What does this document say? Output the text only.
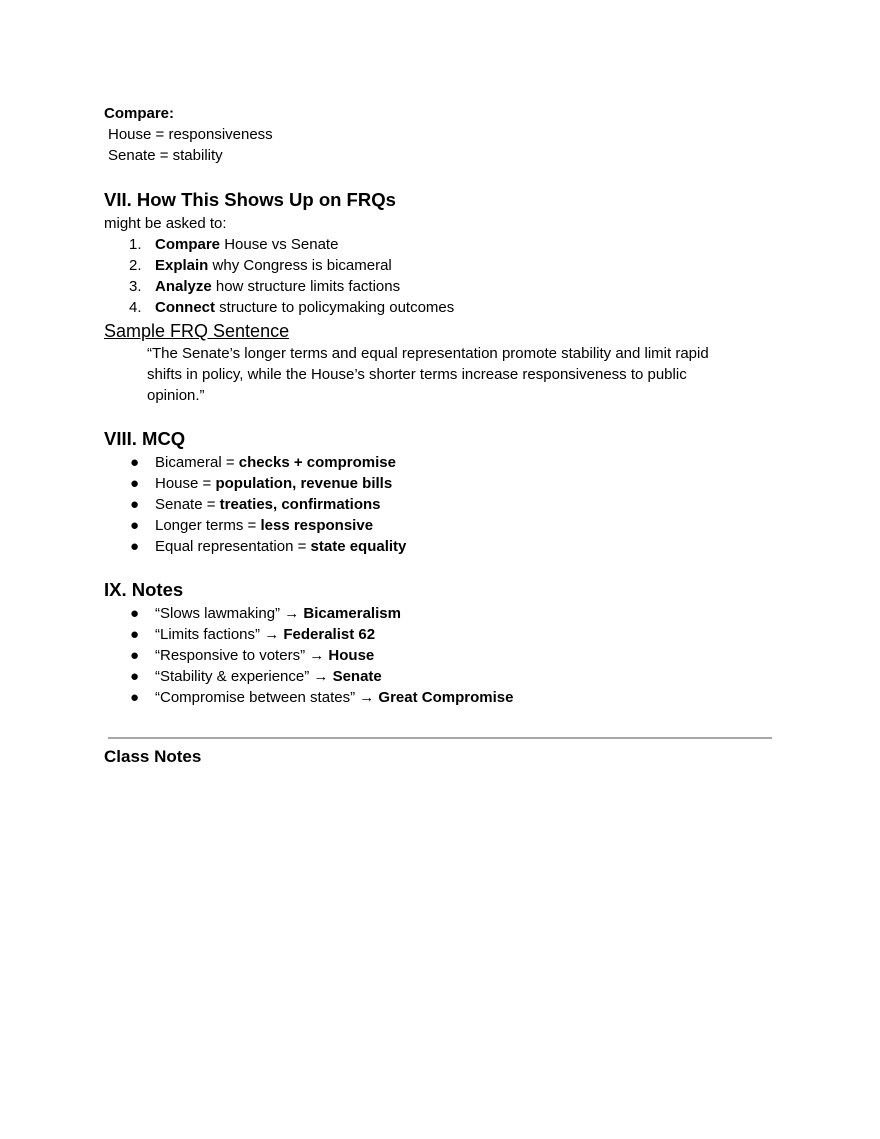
Compare:
House = responsiveness
Senate = stability
VII. How This Shows Up on FRQs
might be asked to:
1. Compare House vs Senate
2. Explain why Congress is bicameral
3. Analyze how structure limits factions
4. Connect structure to policymaking outcomes
Sample FRQ Sentence
“The Senate’s longer terms and equal representation promote stability and limit rapid shifts in policy, while the House’s shorter terms increase responsiveness to public opinion.”
VIII. MCQ
● Bicameral = checks + compromise
● House = population, revenue bills
● Senate = treaties, confirmations
● Longer terms = less responsive
● Equal representation = state equality
IX. Notes
● “Slows lawmaking” → Bicameralism
● “Limits factions” → Federalist 62
● “Responsive to voters” → House
● “Stability & experience” → Senate
● “Compromise between states” → Great Compromise
Class Notes
